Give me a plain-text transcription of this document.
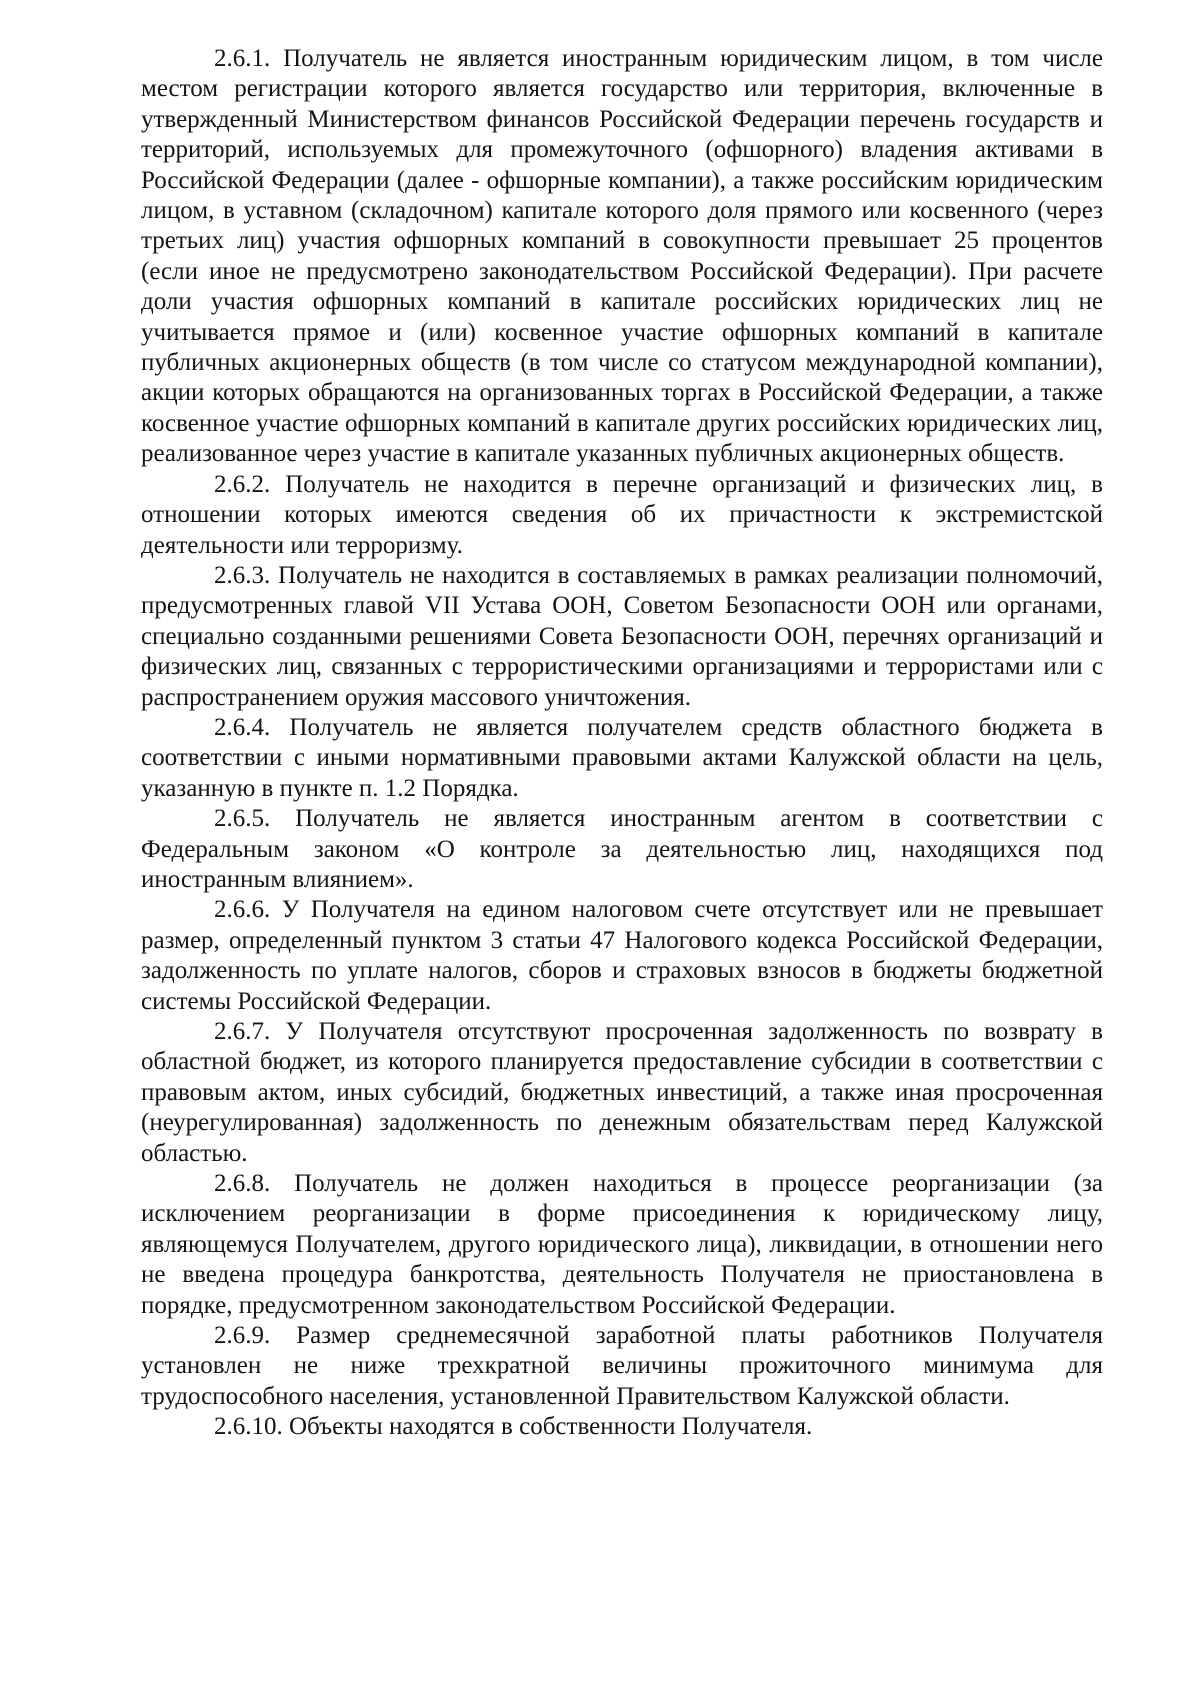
2.6.1. Получатель не является иностранным юридическим лицом, в том числе местом регистрации которого является государство или территория, включенные в утвержденный Министерством финансов Российской Федерации перечень государств и территорий, используемых для промежуточного (офшорного) владения активами в Российской Федерации (далее - офшорные компании), а также российским юридическим лицом, в уставном (складочном) капитале которого доля прямого или косвенного (через третьих лиц) участия офшорных компаний в совокупности превышает 25 процентов (если иное не предусмотрено законодательством Российской Федерации). При расчете доли участия офшорных компаний в капитале российских юридических лиц не учитывается прямое и (или) косвенное участие офшорных компаний в капитале публичных акционерных обществ (в том числе со статусом международной компании), акции которых обращаются на организованных торгах в Российской Федерации, а также косвенное участие офшорных компаний в капитале других российских юридических лиц, реализованное через участие в капитале указанных публичных акционерных обществ.

2.6.2. Получатель не находится в перечне организаций и физических лиц, в отношении которых имеются сведения об их причастности к экстремистской деятельности или терроризму.

2.6.3. Получатель не находится в составляемых в рамках реализации полномочий, предусмотренных главой VII Устава ООН, Советом Безопасности ООН или органами, специально созданными решениями Совета Безопасности ООН, перечнях организаций и физических лиц, связанных с террористическими организациями и террористами или с распространением оружия массового уничтожения.

2.6.4. Получатель не является получателем средств областного бюджета в соответствии с иными нормативными правовыми актами Калужской области на цель, указанную в пункте п. 1.2 Порядка.

2.6.5. Получатель не является иностранным агентом в соответствии с Федеральным законом «О контроле за деятельностью лиц, находящихся под иностранным влиянием».

2.6.6. У Получателя на едином налоговом счете отсутствует или не превышает размер, определенный пунктом 3 статьи 47 Налогового кодекса Российской Федерации, задолженность по уплате налогов, сборов и страховых взносов в бюджеты бюджетной системы Российской Федерации.

2.6.7. У Получателя отсутствуют просроченная задолженность по возврату в областной бюджет, из которого планируется предоставление субсидии в соответствии с правовым актом, иных субсидий, бюджетных инвестиций, а также иная просроченная (неурегулированная) задолженность по денежным обязательствам перед Калужской областью.

2.6.8. Получатель не должен находиться в процессе реорганизации (за исключением реорганизации в форме присоединения к юридическому лицу, являющемуся Получателем, другого юридического лица), ликвидации, в отношении него не введена процедура банкротства, деятельность Получателя не приостановлена в порядке, предусмотренном законодательством Российской Федерации.

2.6.9. Размер среднемесячной заработной платы работников Получателя установлен не ниже трехкратной величины прожиточного минимума для трудоспособного населения, установленной Правительством Калужской области.

2.6.10. Объекты находятся в собственности Получателя.
